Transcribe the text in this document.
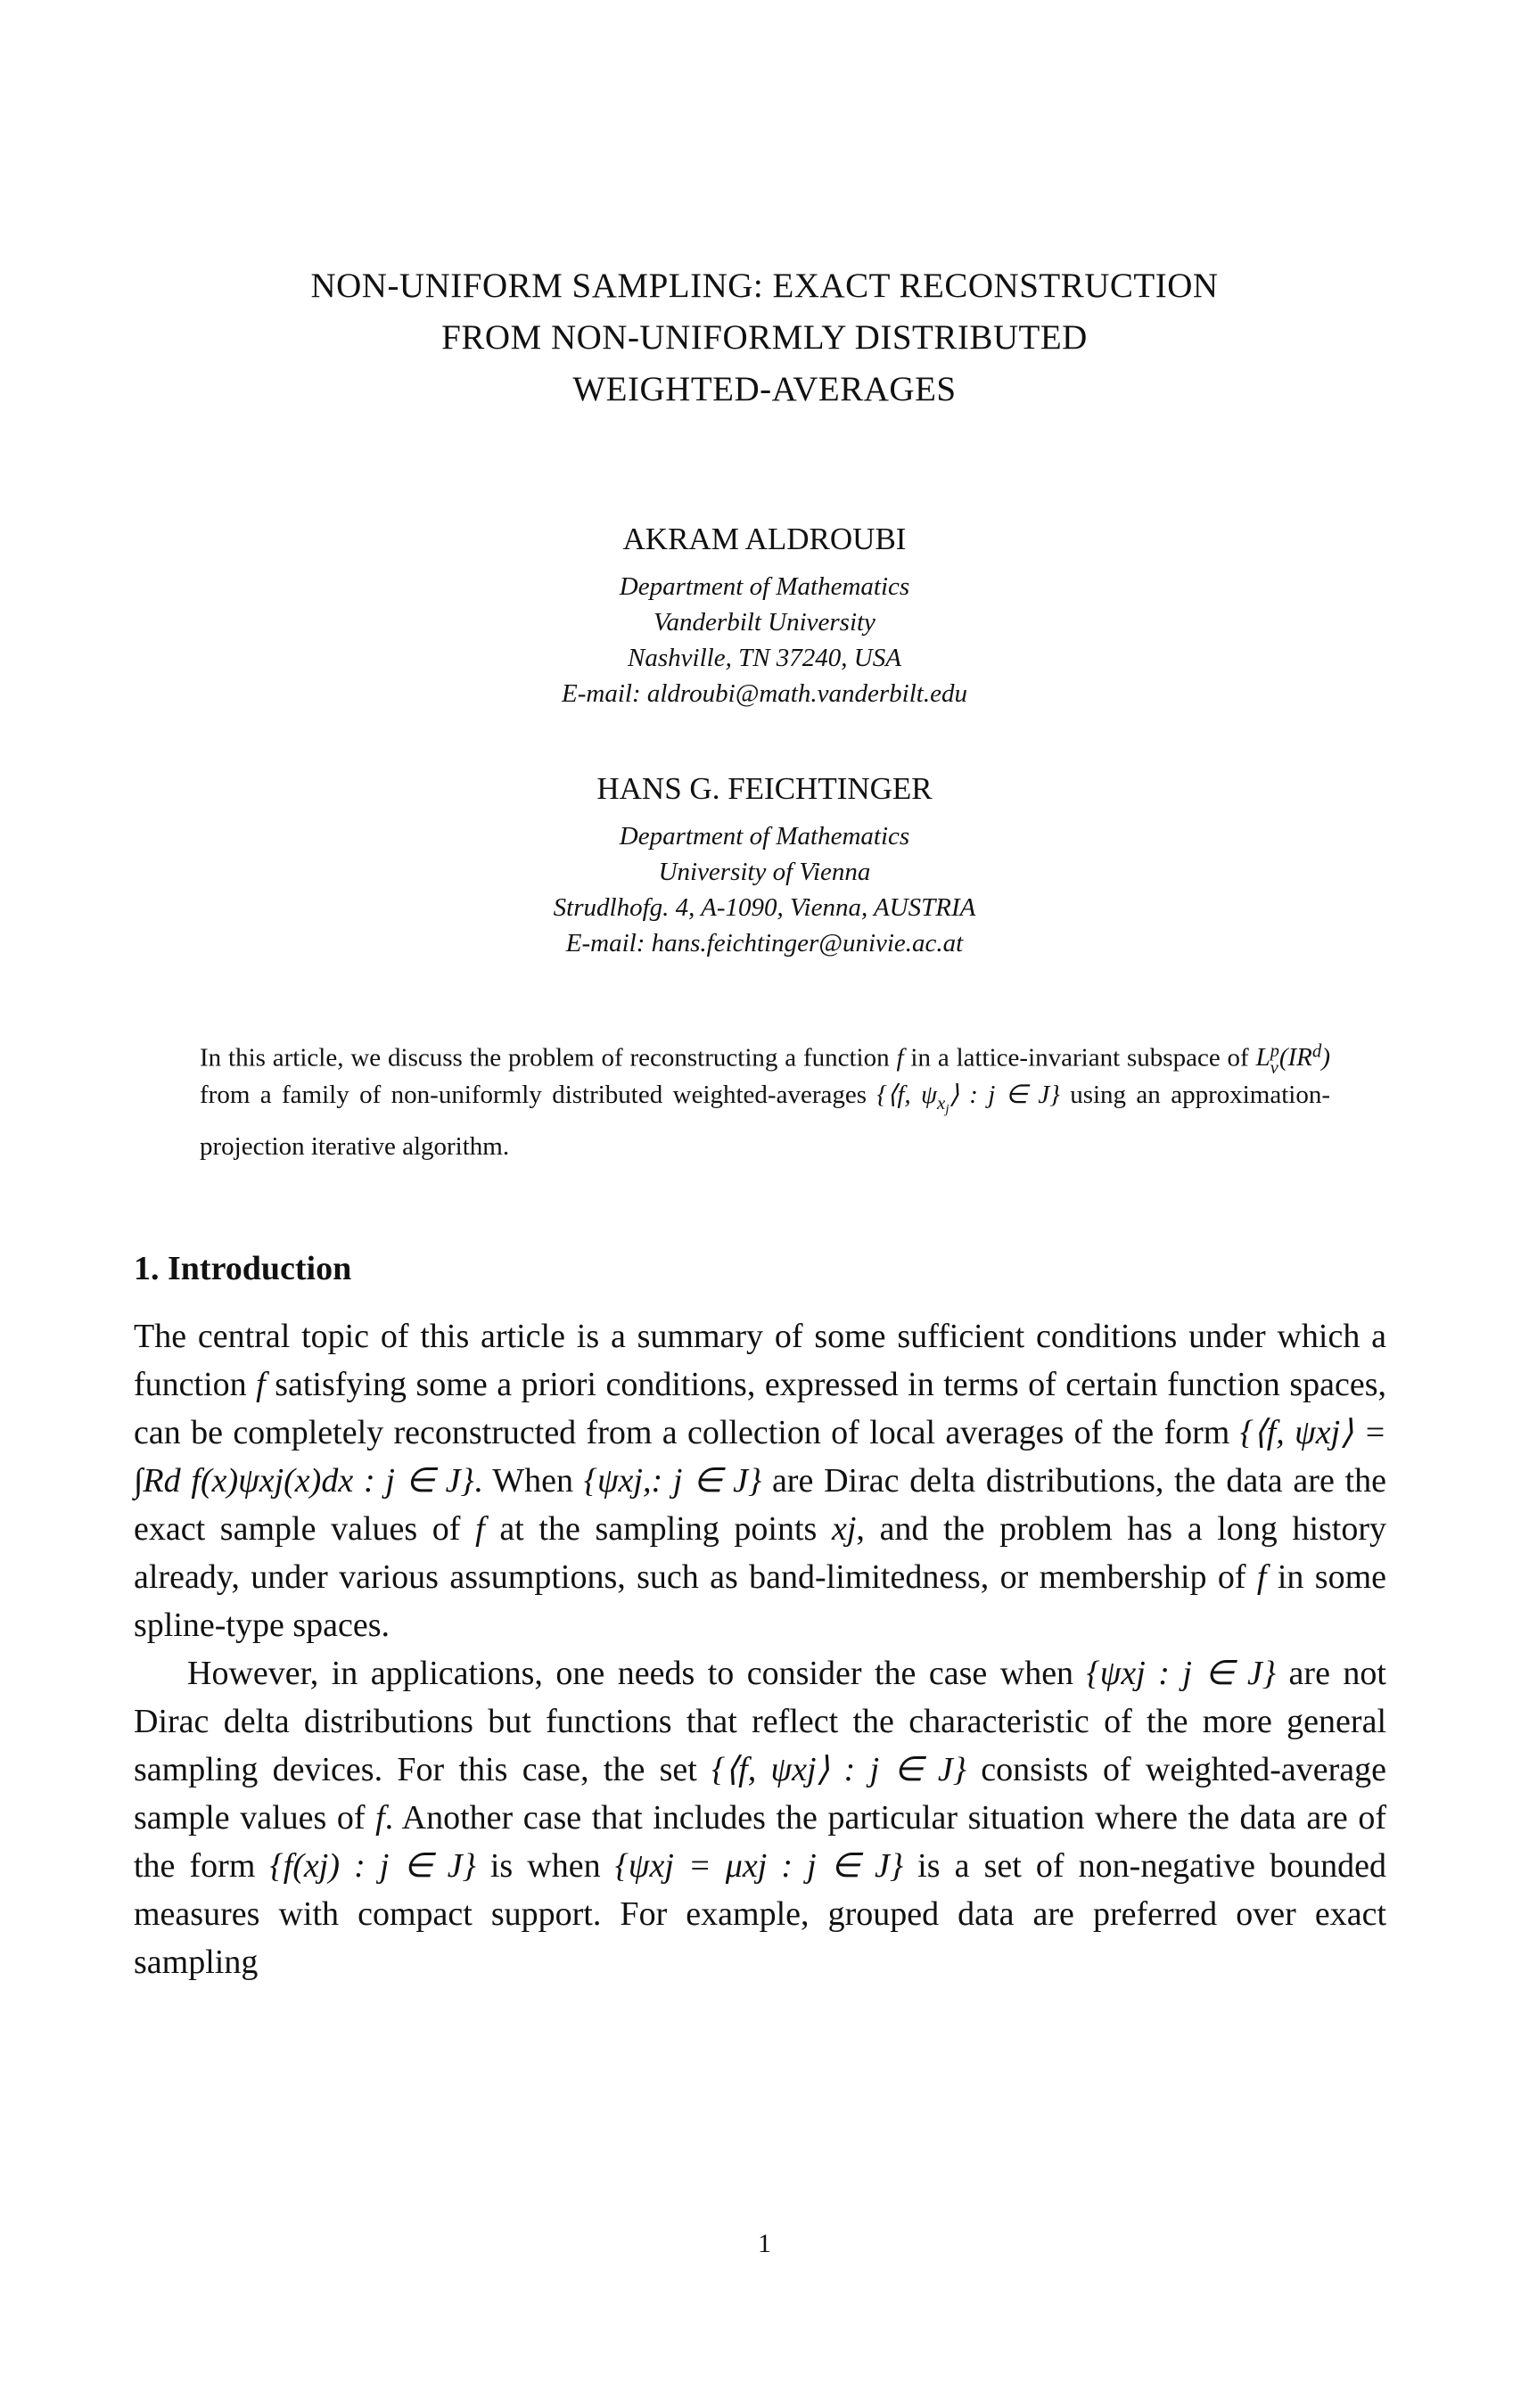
NON-UNIFORM SAMPLING: EXACT RECONSTRUCTION
FROM NON-UNIFORMLY DISTRIBUTED
WEIGHTED-AVERAGES
AKRAM ALDROUBI
Department of Mathematics
Vanderbilt University
Nashville, TN 37240, USA
E-mail: aldroubi@math.vanderbilt.edu
HANS G. FEICHTINGER
Department of Mathematics
University of Vienna
Strudlhofg. 4, A-1090, Vienna, AUSTRIA
E-mail: hans.feichtinger@univie.ac.at
In this article, we discuss the problem of reconstructing a function f in a lattice-invariant subspace of L p
v $(IR^d)$ from a family of non-uniformly distributed weighted-averages {⟨f, $\psi_{x_j}⟩$ : j ∈ J} using an approximation-projection iterative algorithm.
1. Introduction

The central topic of this article is a summary of some sufficient conditions under which a function f satisfying some a priori conditions, expressed in terms of certain function spaces, can be completely reconstructed from a collection of local averages of the form {⟨f, ψxj⟩ = ∫Rd f(x)ψxj(x)dx : j ∈ J}. When {ψxj,: j ∈ J} are Dirac delta distributions, the data are the exact sample values of f at the sampling points xj, and the problem has a long history already, under various assumptions, such as band-limitedness, or membership of f in some spline-type spaces.

However, in applications, one needs to consider the case when {ψxj : j ∈ J} are not Dirac delta distributions but functions that reflect the characteristic of the more general sampling devices. For this case, the set {⟨f, ψxj⟩ : j ∈ J} consists of weighted-average sample values of f. Another case that includes the particular situation where the data are of the form {f(xj) : j ∈ J} is when {ψxj = μxj : j ∈ J} is a set of non-negative bounded measures with compact support. For example, grouped data are preferred over exact sampling

1
